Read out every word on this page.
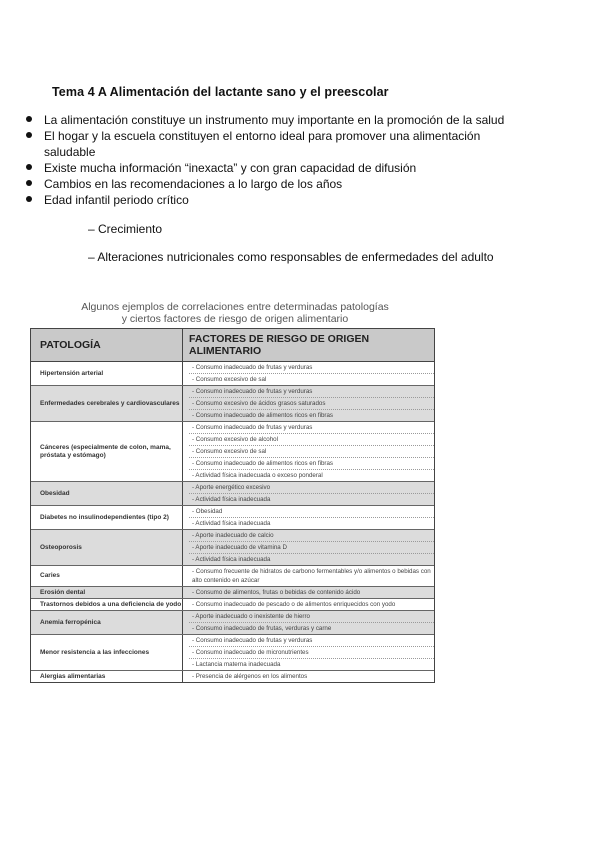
Tema 4 A Alimentación del lactante sano y el preescolar
La alimentación constituye un instrumento muy importante en la promoción de la salud
El hogar y la escuela constituyen el entorno ideal para promover una alimentación saludable
Existe mucha información “inexacta” y con gran capacidad de difusión
Cambios en las recomendaciones a lo largo de los años
Edad infantil periodo crítico
– Crecimiento
– Alteraciones nutricionales como responsables de enfermedades del adulto
Algunos ejemplos de correlaciones entre determinadas patologías
y ciertos factores de riesgo de origen alimentario
PATOLOGÍA	FACTORES DE RIESGO DE ORIGEN ALIMENTARIO
Hipertensión arterial
- Consumo inadecuado de frutas y verduras
- Consumo excesivo de sal
Enfermedades cerebrales y cardiovasculares
- Consumo inadecuado de frutas y verduras
- Consumo excesivo de ácidos grasos saturados
- Consumo inadecuado de alimentos ricos en fibras
Cánceres (especialmente de colon, mama, próstata y estómago)
- Consumo inadecuado de frutas y verduras
- Consumo excesivo de alcohol
- Consumo excesivo de sal
- Consumo inadecuado de alimentos ricos en fibras
- Actividad física inadecuada o exceso ponderal
Obesidad
- Aporte energético excesivo
- Actividad física inadecuada
Diabetes no insulinodependientes (tipo 2)
- Obesidad
- Actividad física inadecuada
Osteoporosis
- Aporte inadecuado de calcio
- Aporte inadecuado de vitamina D
- Actividad física inadecuada
Caries
- Consumo frecuente de hidratos de carbono fermentables y/o alimentos o bebidas con alto contenido en azúcar
Erosión dental	- Consumo de alimentos, frutas o bebidas de contenido ácido
Trastornos debidos a una deficiencia de yodo	- Consumo inadecuado de pescado o de alimentos enriquecidos con yodo
Anemia ferropénica
- Aporte inadecuado o inexistente de hierro
- Consumo inadecuado de frutas, verduras y carne
Menor resistencia a las infecciones
- Consumo inadecuado de frutas y verduras
- Consumo inadecuado de micronutrientes
- Lactancia materna inadecuada
Alergias alimentarias	- Presencia de alérgenos en los alimentos
